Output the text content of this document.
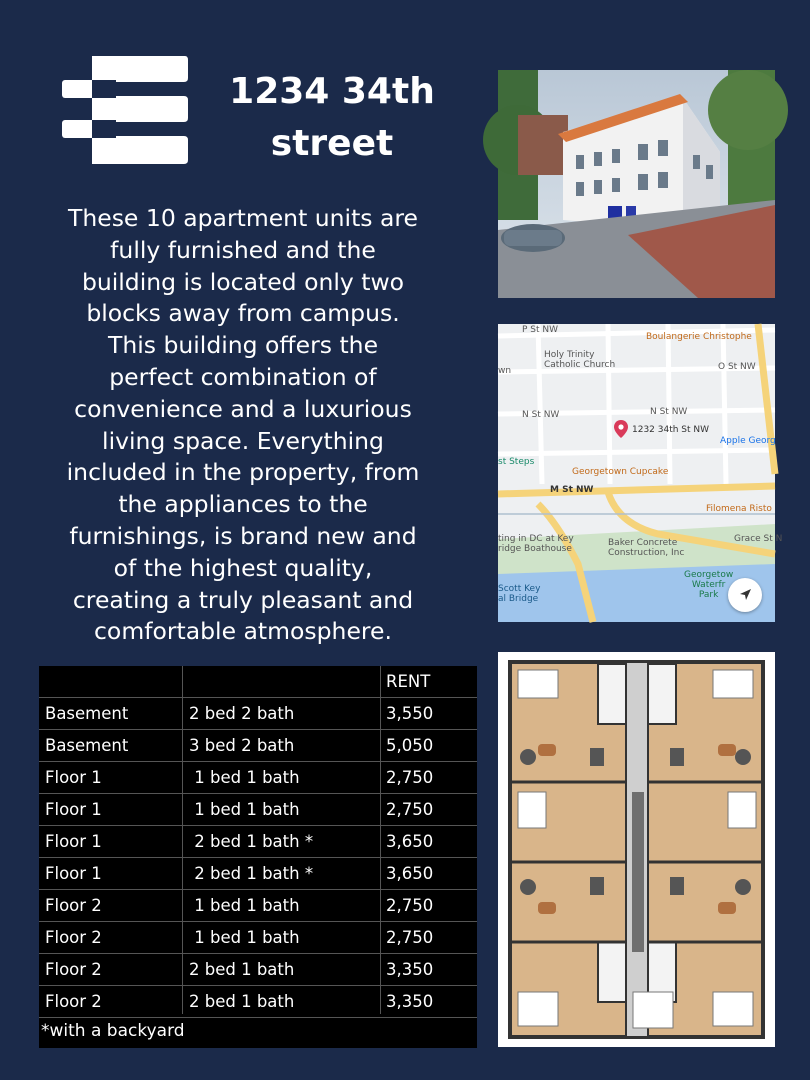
1234 34th
street
These 10 apartment units are
fully furnished and the
building is located only two
blocks away from campus.
This building offers the
perfect combination of
convenience and a luxurious
living space. Everything
included in the property, from
the appliances to the
furnishings, is brand new and
of the highest quality,
creating a truly pleasant and
comfortable atmosphere.
P St NW
Boulangerie Christophe
Holy Trinity
Catholic Church	O St NW
wn
N St NW	N St NW
1232 34th St NW
Apple Georg
st Steps
Georgetown Cupcake
M St NW
Filomena Risto
ting in DC at Key
ridge Boathouse
Baker Concrete
Construction, Inc
Grace St N
Scott Key
al Bridge
Georgetow
Waterfr
Park
RENT
Basement	2 bed 2 bath	3,550
Basement	3 bed 2 bath	5,050
Floor 1	1 bed 1 bath	2,750
Floor 1	1 bed 1 bath	2,750
Floor 1	2 bed 1 bath *	3,650
Floor 1	2 bed 1 bath *	3,650
Floor 2	1 bed 1 bath	2,750
Floor 2	1 bed 1 bath	2,750
Floor 2	2 bed 1 bath	3,350
Floor 2	2 bed 1 bath	3,350
*with a backyard
